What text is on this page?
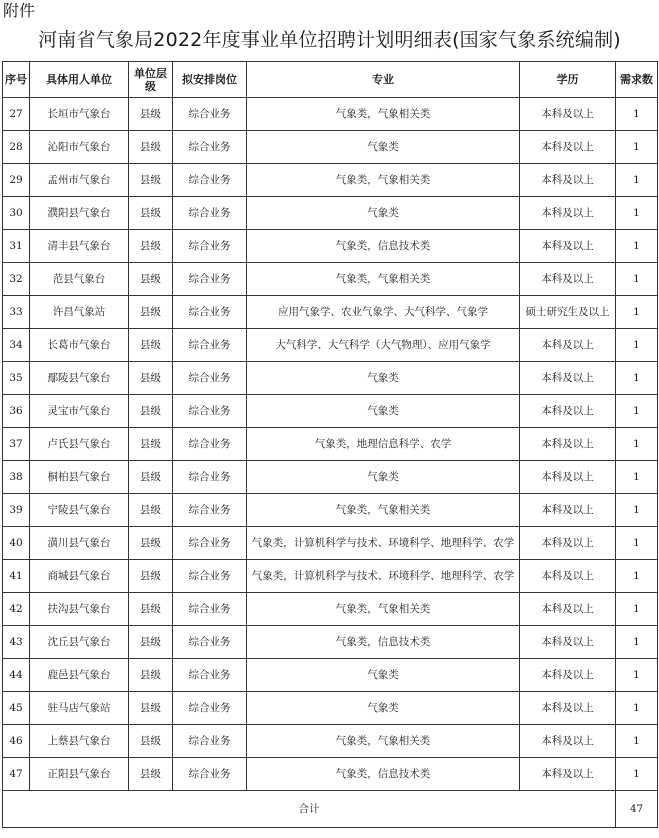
附件
河南省气象局2022年度事业单位招聘计划明细表(国家气象系统编制)
序号	具体用人单位	单位层级	拟安排岗位	专业	学历	需求数
27	长垣市气象台	县级	综合业务	气象类，气象相关类	本科及以上	1
28	沁阳市气象台	县级	综合业务	气象类	本科及以上	1
29	孟州市气象台	县级	综合业务	气象类，气象相关类	本科及以上	1
30	濮阳县气象台	县级	综合业务	气象类	本科及以上	1
31	清丰县气象台	县级	综合业务	气象类，信息技术类	本科及以上	1
32	范县气象台	县级	综合业务	气象类，气象相关类	本科及以上	1
33	许昌气象站	县级	综合业务	应用气象学、农业气象学、大气科学、气象学	硕士研究生及以上	1
34	长葛市气象台	县级	综合业务	大气科学、大气科学（大气物理）、应用气象学	本科及以上	1
35	鄢陵县气象台	县级	综合业务	气象类	本科及以上	1
36	灵宝市气象台	县级	综合业务	气象类	本科及以上	1
37	卢氏县气象台	县级	综合业务	气象类，地理信息科学、农学	本科及以上	1
38	桐柏县气象台	县级	综合业务	气象类	本科及以上	1
39	宁陵县气象台	县级	综合业务	气象类，气象相关类	本科及以上	1
40	潢川县气象台	县级	综合业务	气象类，计算机科学与技术、环境科学、地理科学、农学	本科及以上	1
41	商城县气象台	县级	综合业务	气象类，计算机科学与技术、环境科学、地理科学、农学	本科及以上	1
42	扶沟县气象台	县级	综合业务	气象类，气象相关类	本科及以上	1
43	沈丘县气象台	县级	综合业务	气象类，信息技术类	本科及以上	1
44	鹿邑县气象台	县级	综合业务	气象类	本科及以上	1
45	驻马店气象站	县级	综合业务	气象类	本科及以上	1
46	上蔡县气象台	县级	综合业务	气象类，气象相关类	本科及以上	1
47	正阳县气象台	县级	综合业务	气象类，信息技术类	本科及以上	1
合计						47
